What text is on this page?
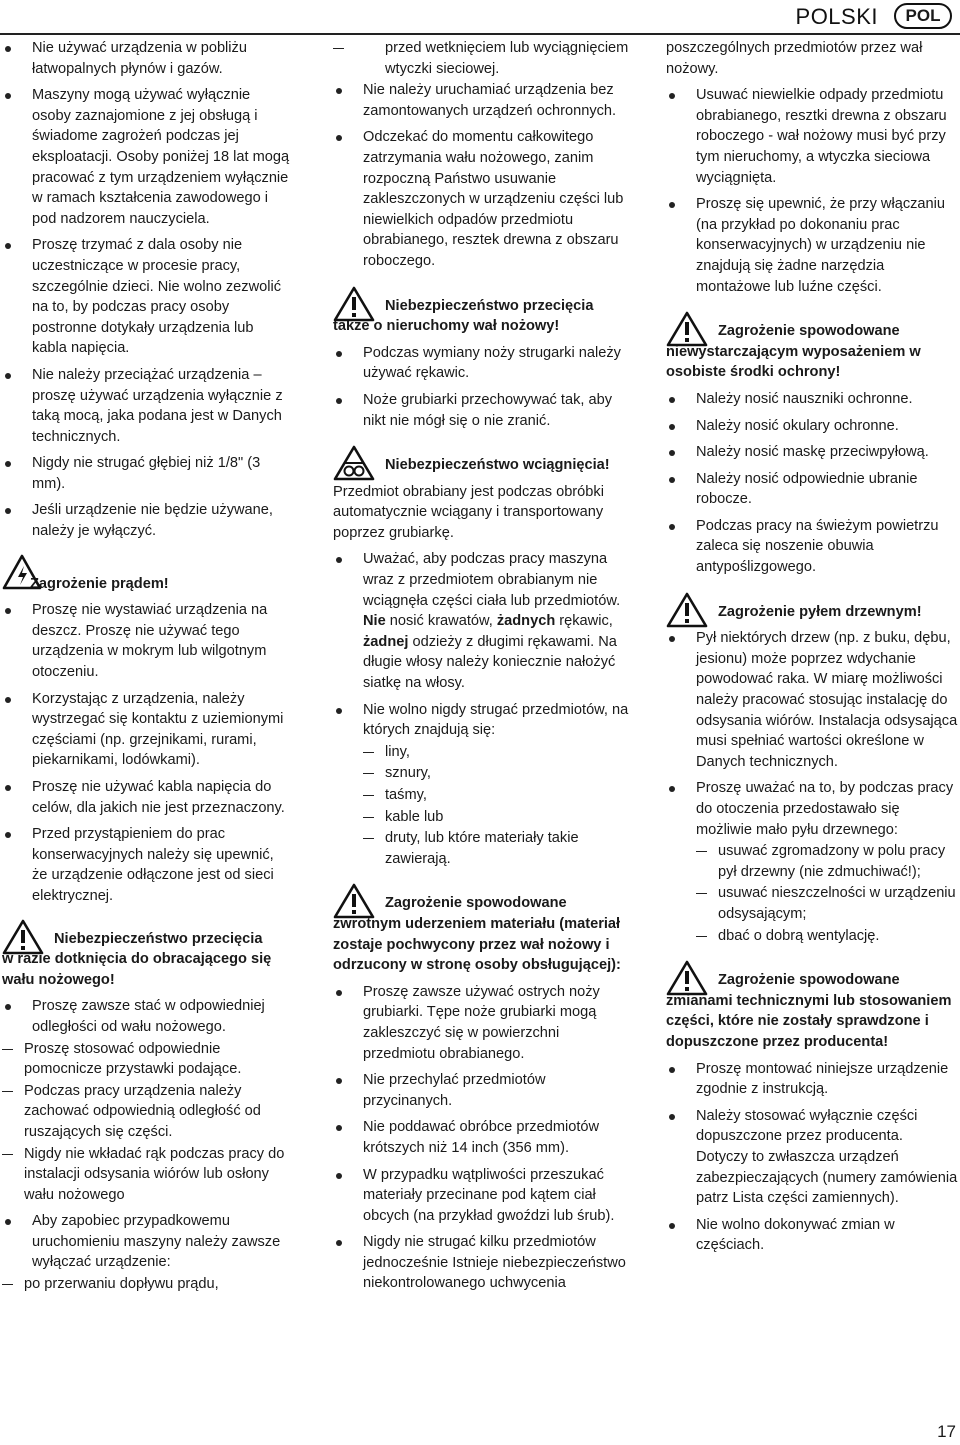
POLSKI	POL
Nie używać urządzenia w pobliżu łatwopalnych płynów i gazów.
Maszyny mogą używać wyłącznie osoby zaznajomione z jej obsługą i świadome zagrożeń podczas jej eksploatacji. Osoby poniżej 18 lat mogą pracować z tym urządzeniem wyłącznie w ramach kształcenia zawodowego i pod nadzorem nauczyciela.
Proszę trzymać z dala osoby nie uczestniczące w procesie pracy, szczególnie dzieci. Nie wolno zezwolić na to, by podczas pracy osoby postronne dotykały urządzenia lub kabla napięcia.
Nie należy przeciążać urządzenia – proszę używać urządzenia wyłącznie z taką mocą, jaka podana jest w Danych technicznych.
Nigdy nie strugać głębiej niż 1/8" (3 mm).
Jeśli urządzenie nie będzie używane, należy je wyłączyć.
Zagrożenie prądem!
Proszę nie wystawiać urządzenia na deszcz. Proszę nie używać tego urządzenia w mokrym lub wilgotnym otoczeniu.
Korzystając z urządzenia, należy wystrzegać się kontaktu z uziemionymi częściami (np. grzejnikami, rurami, piekarnikami, lodówkami).
Proszę nie używać kabla napięcia do celów, dla jakich nie jest przeznaczony.
Przed przystąpieniem do prac konserwacyjnych należy się upewnić, że urządzenie odłączone jest od sieci elektrycznej.
Niebezpieczeństwo przecięcia
w razie dotknięcia do obracającego się wału nożowego!
Proszę zawsze stać w odpowiedniej odległości od wału nożowego.
Proszę stosować odpowiednie pomocnicze przystawki podające.
Podczas pracy urządzenia należy zachować odpowiednią odległość od ruszających się części.
Nigdy nie wkładać rąk podczas pracy do instalacji odsysania wiórów lub osłony wału nożowego
Aby zapobiec przypadkowemu uruchomieniu maszyny należy zawsze wyłączać urządzenie:
po przerwaniu dopływu prądu,
przed wetknięciem lub wyciągnięciem wtyczki sieciowej.
Nie należy uruchamiać urządzenia bez zamontowanych urządzeń ochronnych.
Odczekać do momentu całkowitego zatrzymania wału nożowego, zanim rozpoczną Państwo usuwanie zakleszczonych w urządzeniu części lub niewielkich odpadów przedmiotu obrabianego, resztek drewna z obszaru roboczego.
Niebezpieczeństwo przecięcia
także o nieruchomy wał nożowy!
Podczas wymiany noży strugarki należy używać rękawic.
Noże grubiarki przechowywać tak, aby nikt nie mógł się o nie zranić.
Niebezpieczeństwo wciągnięcia!

Przedmiot obrabiany jest podczas obróbki automatycznie wciągany i transportowany poprzez grubiarkę.

Uważać, aby podczas pracy maszyna wraz z przedmiotem obrabianym nie wciągnęła części ciała lub przedmiotów. Nie nosić krawatów, żadnych rękawic, żadnej odzieży z długimi rękawami. Na długie włosy należy koniecznie nałożyć siatkę na włosy.
Nie wolno nigdy strugać przedmiotów, na których znajdują się:
liny,
sznury,
taśmy,
kable lub
druty, lub które materiały takie zawierają.
Zagrożenie spowodowane
zwrotnym uderzeniem materiału (materiał zostaje pochwycony przez wał nożowy i odrzucony w stronę osoby obsługującej):
Proszę zawsze używać ostrych noży grubiarki. Tępe noże grubiarki mogą zakleszczyć się w powierzchni przedmiotu obrabianego.
Nie przechylać przedmiotów przycinanych.
Nie poddawać obróbce przedmiotów krótszych niż 14 inch (356 mm).
W przypadku wątpliwości przeszukać materiały przecinane pod kątem ciał obcych (na przykład gwoździ lub śrub).
Nigdy nie strugać kilku przedmiotów jednocześnie Istnieje niebezpieczeństwo niekontrolowanego uchwycenia

poszczególnych przedmiotów przez wał nożowy.

Usuwać niewielkie odpady przedmiotu obrabianego, resztki drewna z obszaru roboczego - wał nożowy musi być przy tym nieruchomy, a wtyczka sieciowa wyciągnięta.
Proszę się upewnić, że przy włączaniu (na przykład po dokonaniu prac konserwacyjnych) w urządzeniu nie znajdują się żadne narzędzia montażowe lub luźne części.
Zagrożenie spowodowane
niewystarczającym wyposażeniem w osobiste środki ochrony!
Należy nosić nauszniki ochronne.
Należy nosić okulary ochronne.
Należy nosić maskę przeciwpyłową.
Należy nosić odpowiednie ubranie robocze.
Podczas pracy na świeżym powietrzu zaleca się noszenie obuwia antypoślizgowego.
Zagrożenie pyłem drzewnym!
Pył niektórych drzew (np. z buku, dębu, jesionu) może poprzez wdychanie powodować raka. W miarę możliwości należy pracować stosując instalację do odsysania wiórów. Instalacja odsysająca musi spełniać wartości określone w Danych technicznych.
Proszę uważać na to, by podczas pracy do otoczenia przedostawało się możliwie mało pyłu drzewnego:
usuwać zgromadzony w polu pracy pył drzewny (nie zdmuchiwać!);
usuwać nieszczelności w urządzeniu odsysającym;
dbać o dobrą wentylację.
Zagrożenie spowodowane
zmianami technicznymi lub stosowaniem części, które nie zostały sprawdzone i dopuszczone przez producenta!
Proszę montować niniejsze urządzenie zgodnie z instrukcją.
Należy stosować wyłącznie części dopuszczone przez producenta. Dotyczy to zwłaszcza urządzeń zabezpieczających (numery zamówienia patrz Lista części zamiennych).
Nie wolno dokonywać zmian w częściach.
17
